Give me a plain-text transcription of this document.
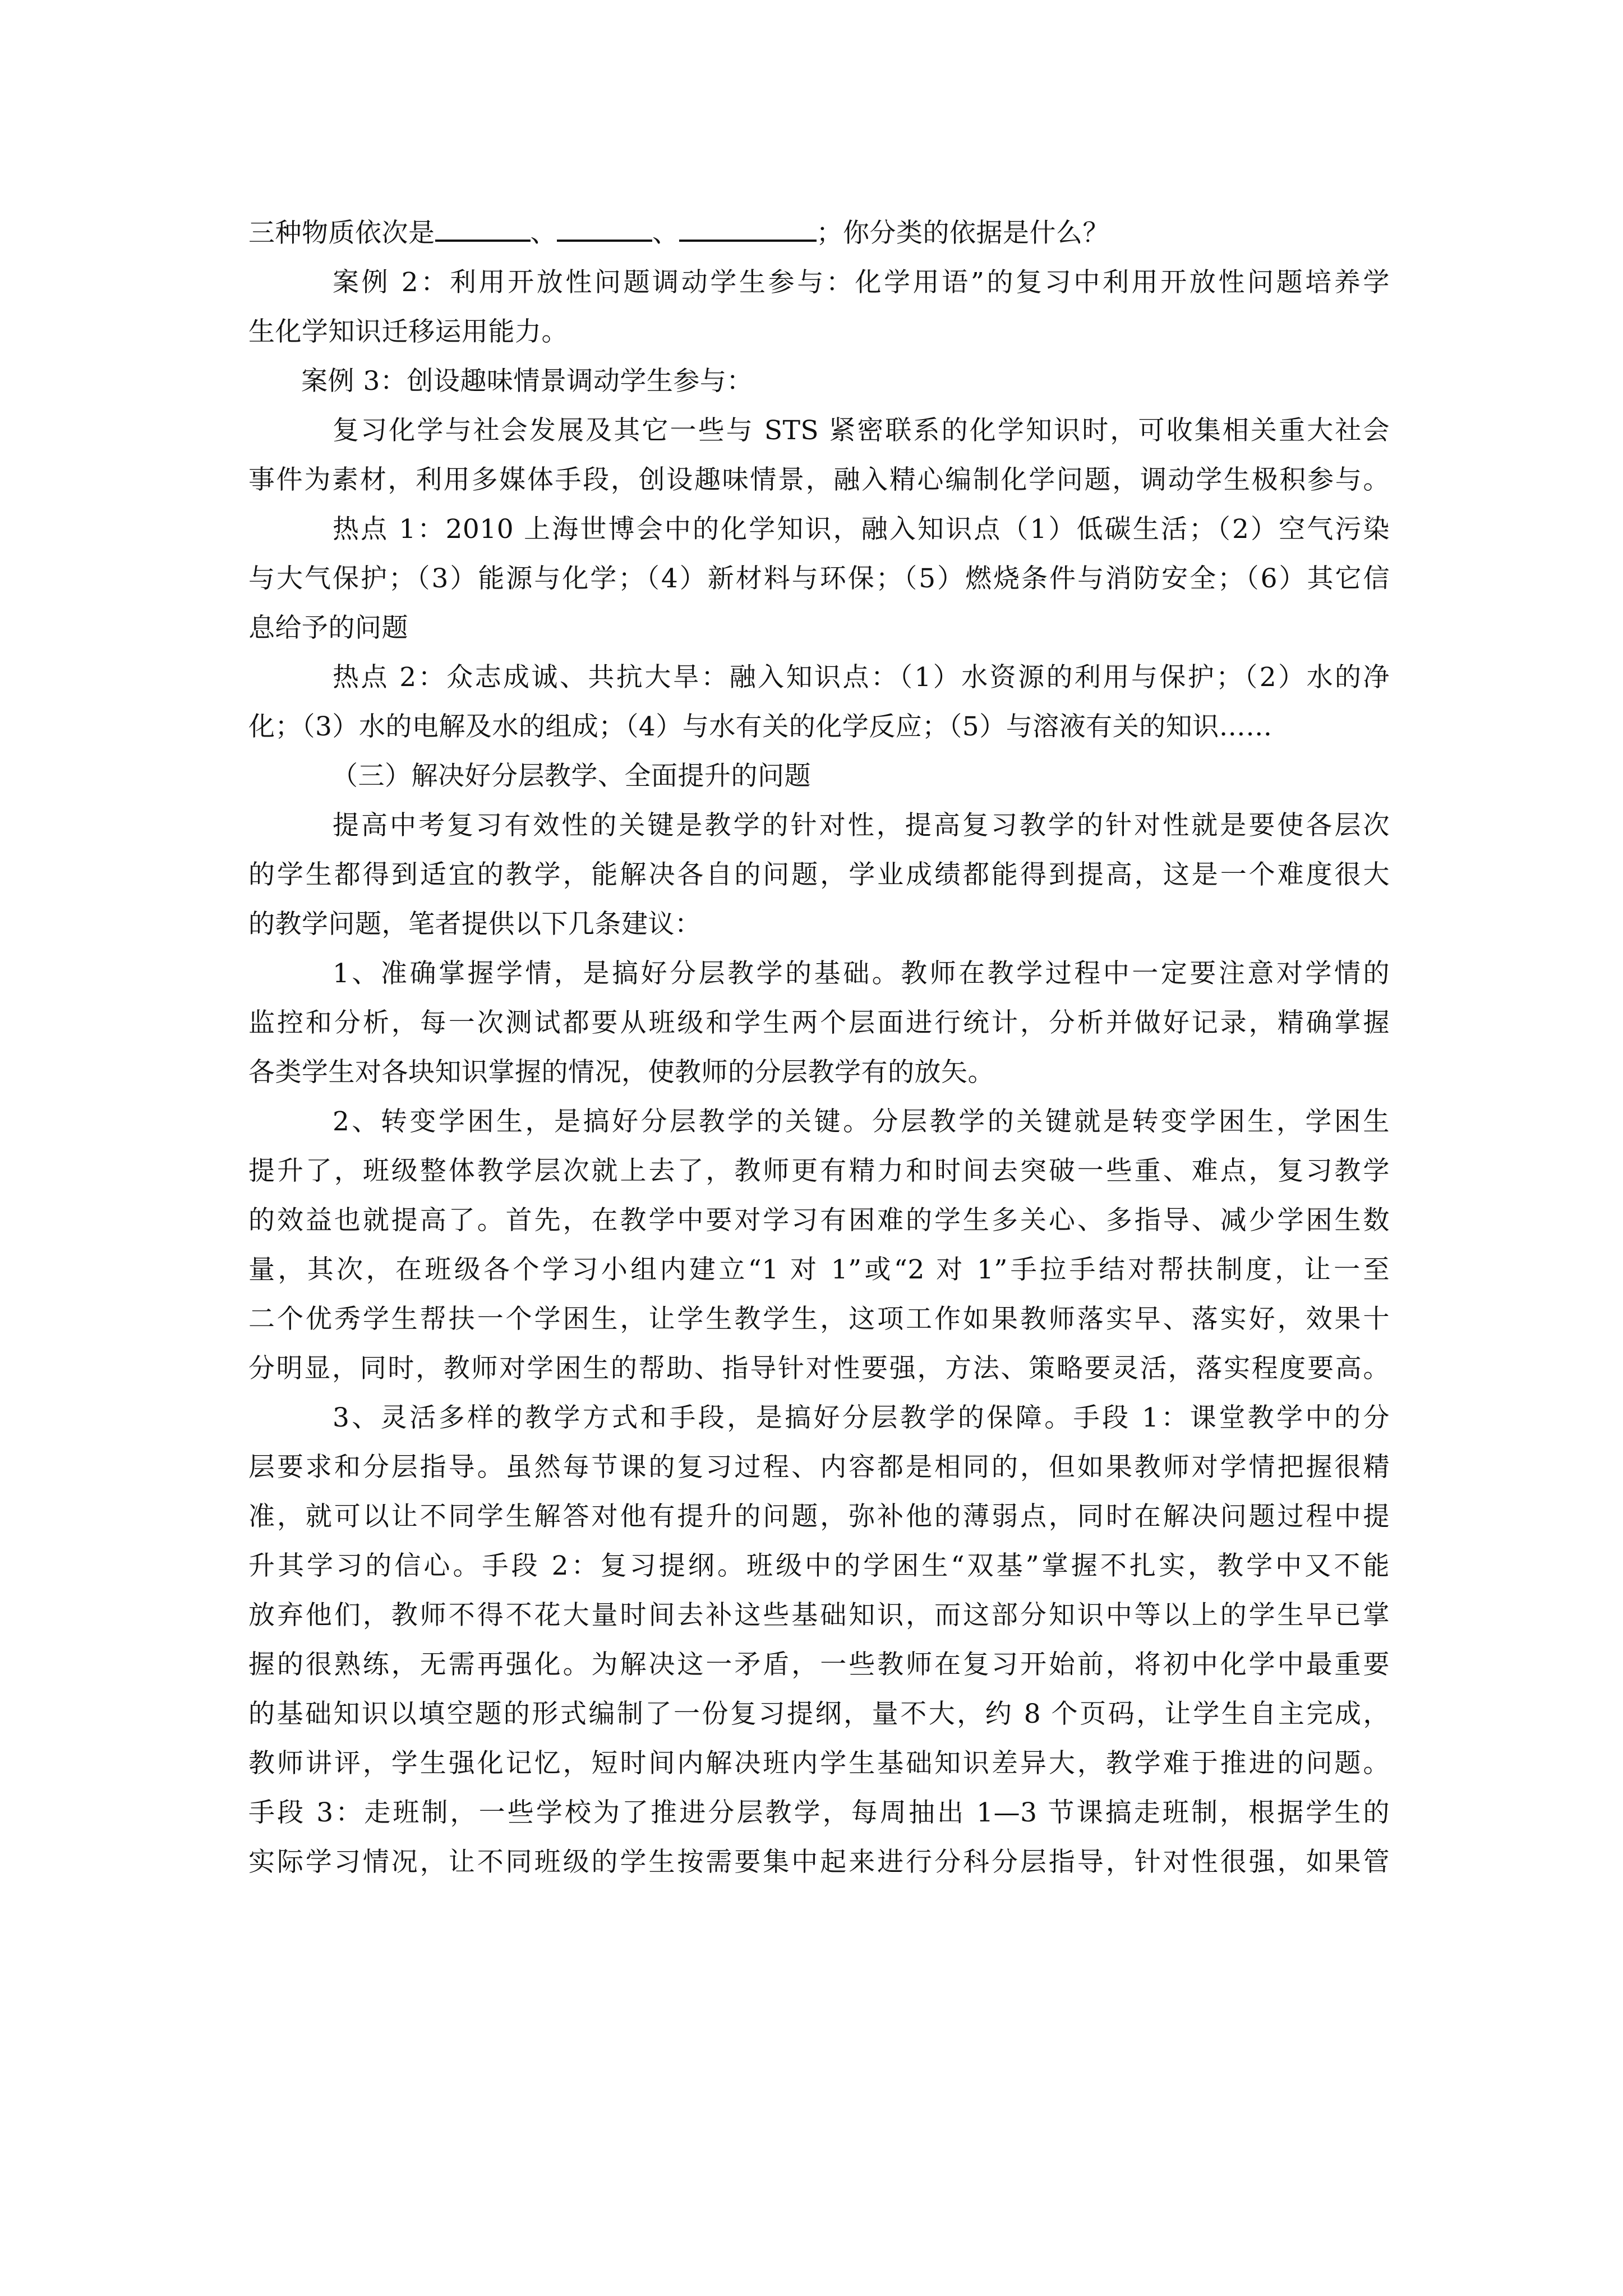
三种物质依次是	、	、	；你分类的依据是什么？
案例 2：利用开放性问题调动学生参与：化学用语”的复习中利用开放性问题培养学
生化学知识迁移运用能力。
案例 3：创设趣味情景调动学生参与：
复习化学与社会发展及其它一些与 STS 紧密联系的化学知识时，可收集相关重大社会
事件为素材，利用多媒体手段，创设趣味情景，融入精心编制化学问题，调动学生极积参与。
热点 1：2010 上海世博会中的化学知识，融入知识点（1）低碳生活；（2）空气污染
与大气保护；（3）能源与化学；（4）新材料与环保；（5）燃烧条件与消防安全；（6）其它信
息给予的问题
热点 2：众志成诚、共抗大旱：融入知识点：（1）水资源的利用与保护；（2）水的净
化；（3）水的电解及水的组成；（4）与水有关的化学反应；（5）与溶液有关的知识……
（三）解决好分层教学、全面提升的问题
提高中考复习有效性的关键是教学的针对性，提高复习教学的针对性就是要使各层次
的学生都得到适宜的教学，能解决各自的问题，学业成绩都能得到提高，这是一个难度很大
的教学问题，笔者提供以下几条建议：
1、准确掌握学情，是搞好分层教学的基础。教师在教学过程中一定要注意对学情的
监控和分析，每一次测试都要从班级和学生两个层面进行统计，分析并做好记录，精确掌握
各类学生对各块知识掌握的情况，使教师的分层教学有的放矢。
2、转变学困生，是搞好分层教学的关键。分层教学的关键就是转变学困生，学困生
提升了，班级整体教学层次就上去了，教师更有精力和时间去突破一些重、难点，复习教学
的效益也就提高了。首先，在教学中要对学习有困难的学生多关心、多指导、减少学困生数
量，其次，在班级各个学习小组内建立“1 对 1”或“2 对 1”手拉手结对帮扶制度，让一至
二个优秀学生帮扶一个学困生，让学生教学生，这项工作如果教师落实早、落实好，效果十
分明显，同时，教师对学困生的帮助、指导针对性要强，方法、策略要灵活，落实程度要高。
3、灵活多样的教学方式和手段，是搞好分层教学的保障。手段 1：课堂教学中的分
层要求和分层指导。虽然每节课的复习过程、内容都是相同的，但如果教师对学情把握很精
准，就可以让不同学生解答对他有提升的问题，弥补他的薄弱点，同时在解决问题过程中提
升其学习的信心。手段 2：复习提纲。班级中的学困生“双基”掌握不扎实，教学中又不能
放弃他们，教师不得不花大量时间去补这些基础知识，而这部分知识中等以上的学生早已掌
握的很熟练，无需再强化。为解决这一矛盾，一些教师在复习开始前，将初中化学中最重要
的基础知识以填空题的形式编制了一份复习提纲，量不大，约 8 个页码，让学生自主完成，
教师讲评，学生强化记忆，短时间内解决班内学生基础知识差异大，教学难于推进的问题。
手段 3：走班制，一些学校为了推进分层教学，每周抽出 1—3 节课搞走班制，根据学生的
实际学习情况，让不同班级的学生按需要集中起来进行分科分层指导，针对性很强，如果管
